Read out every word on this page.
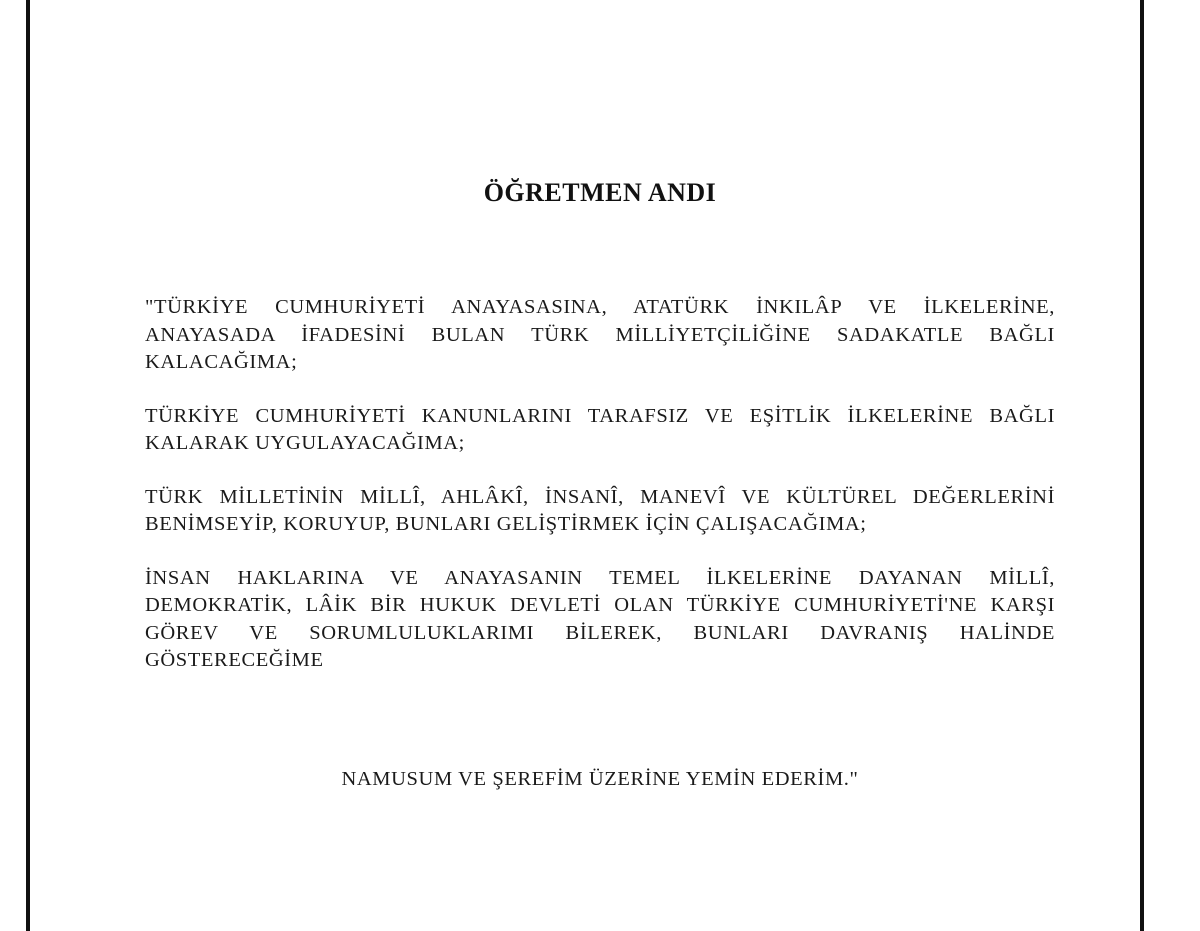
ÖĞRETMEN ANDI

"TÜRKİYE CUMHURİYETİ ANAYASASINA, ATATÜRK İNKILÂP VE İLKELERİNE, ANAYASADA İFADESİNİ BULAN TÜRK MİLLİYETÇİLİĞİNE SADAKATLE BAĞLI KALACAĞIMA;

TÜRKİYE CUMHURİYETİ KANUNLARINI TARAFSIZ VE EŞİTLİK İLKELERİNE BAĞLI KALARAK UYGULAYACAĞIMA;

TÜRK MİLLETİNİN MİLLÎ, AHLÂKÎ, İNSANÎ, MANEVÎ VE KÜLTÜREL DEĞERLERİNİ BENİMSEYİP, KORUYUP, BUNLARI GELİŞTİRMEK İÇİN ÇALIŞACAĞIMA;

İNSAN HAKLARINA VE ANAYASANIN TEMEL İLKELERİNE DAYANAN MİLLÎ, DEMOKRATİK, LÂİK BİR HUKUK DEVLETİ OLAN TÜRKİYE CUMHURİYETİ'NE KARŞI GÖREV VE SORUMLULUKLARIMI BİLEREK, BUNLARI DAVRANIŞ HALİNDE GÖSTERECEĞİME

NAMUSUM VE ŞEREFİM ÜZERİNE YEMİN EDERİM."
